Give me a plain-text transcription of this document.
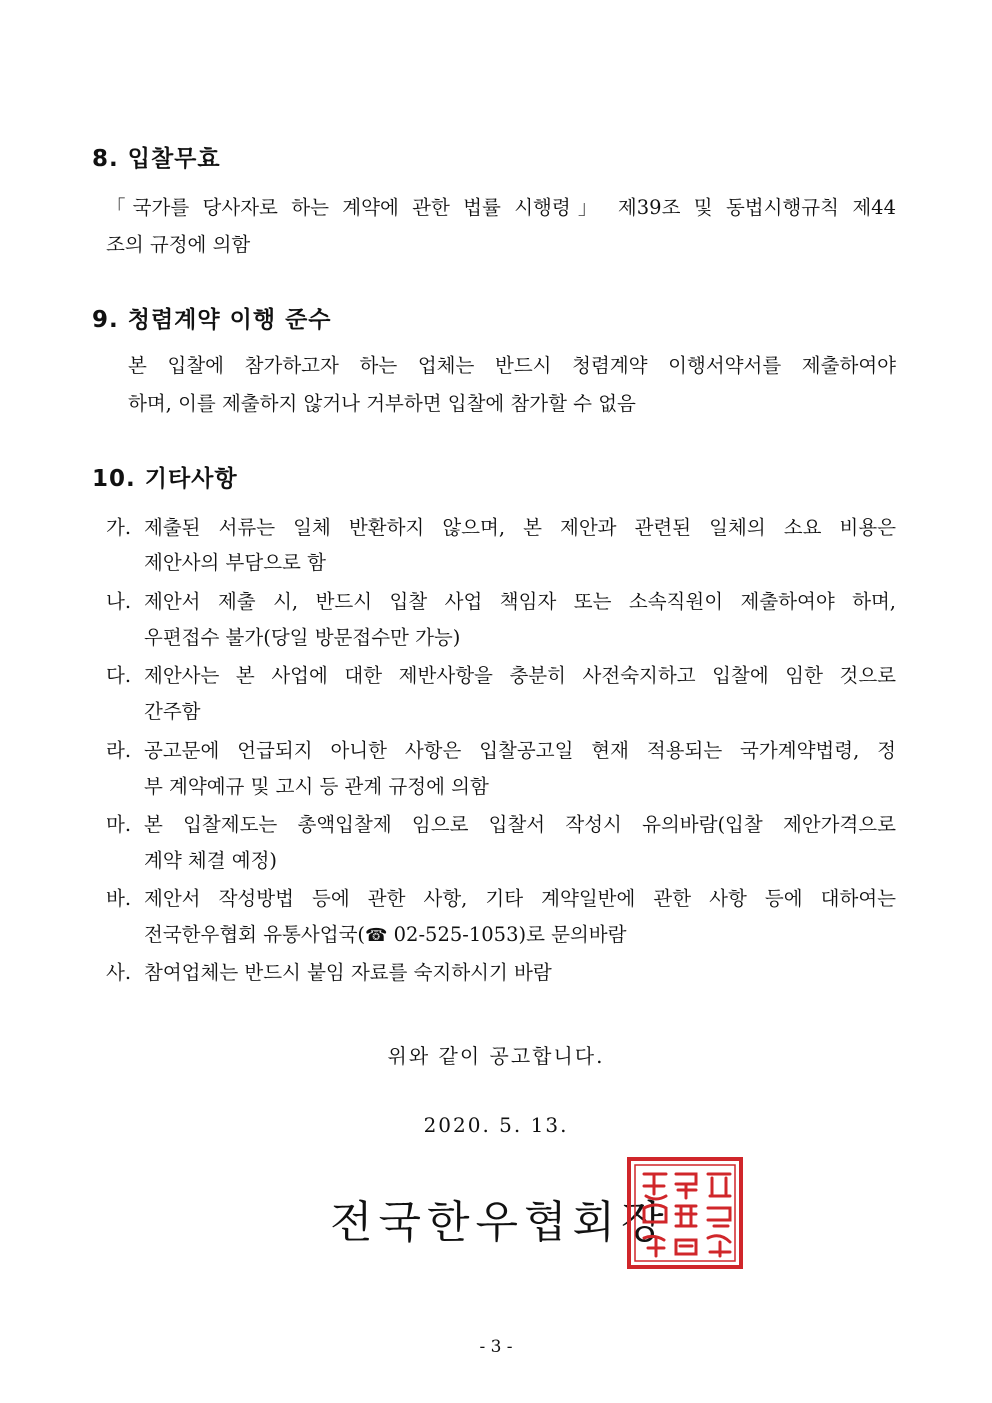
8. 입찰무효
「국가를 당사자로 하는 계약에 관한 법률 시행령」 제39조 및 동법시행규칙 제44
조의 규정에 의함
9. 청렴계약 이행 준수
본 입찰에 참가하고자 하는 업체는 반드시 청렴계약 이행서약서를 제출하여야
하며, 이를 제출하지 않거나 거부하면 입찰에 참가할 수 없음
10. 기타사항
가. 제출된 서류는 일체 반환하지 않으며, 본 제안과 관련된 일체의 소요 비용은
제안사의 부담으로 함
나. 제안서 제출 시, 반드시 입찰 사업 책임자 또는 소속직원이 제출하여야 하며,
우편접수 불가(당일 방문접수만 가능)
다. 제안사는 본 사업에 대한 제반사항을 충분히 사전숙지하고 입찰에 임한 것으로
간주함
라. 공고문에 언급되지 아니한 사항은 입찰공고일 현재 적용되는 국가계약법령, 정
부 계약예규 및 고시 등 관계 규정에 의함
마. 본 입찰제도는 총액입찰제 임으로 입찰서 작성시 유의바람(입찰 제안가격으로
계약 체결 예정)
바. 제안서 작성방법 등에 관한 사항, 기타 계약일반에 관한 사항 등에 대하여는
전국한우협회 유통사업국(☎ 02-525-1053)로 문의바람
사. 참여업체는 반드시 붙임 자료를 숙지하시기 바람
위와 같이 공고합니다.
2020. 5. 13.
전국한우협회장
- 3 -
